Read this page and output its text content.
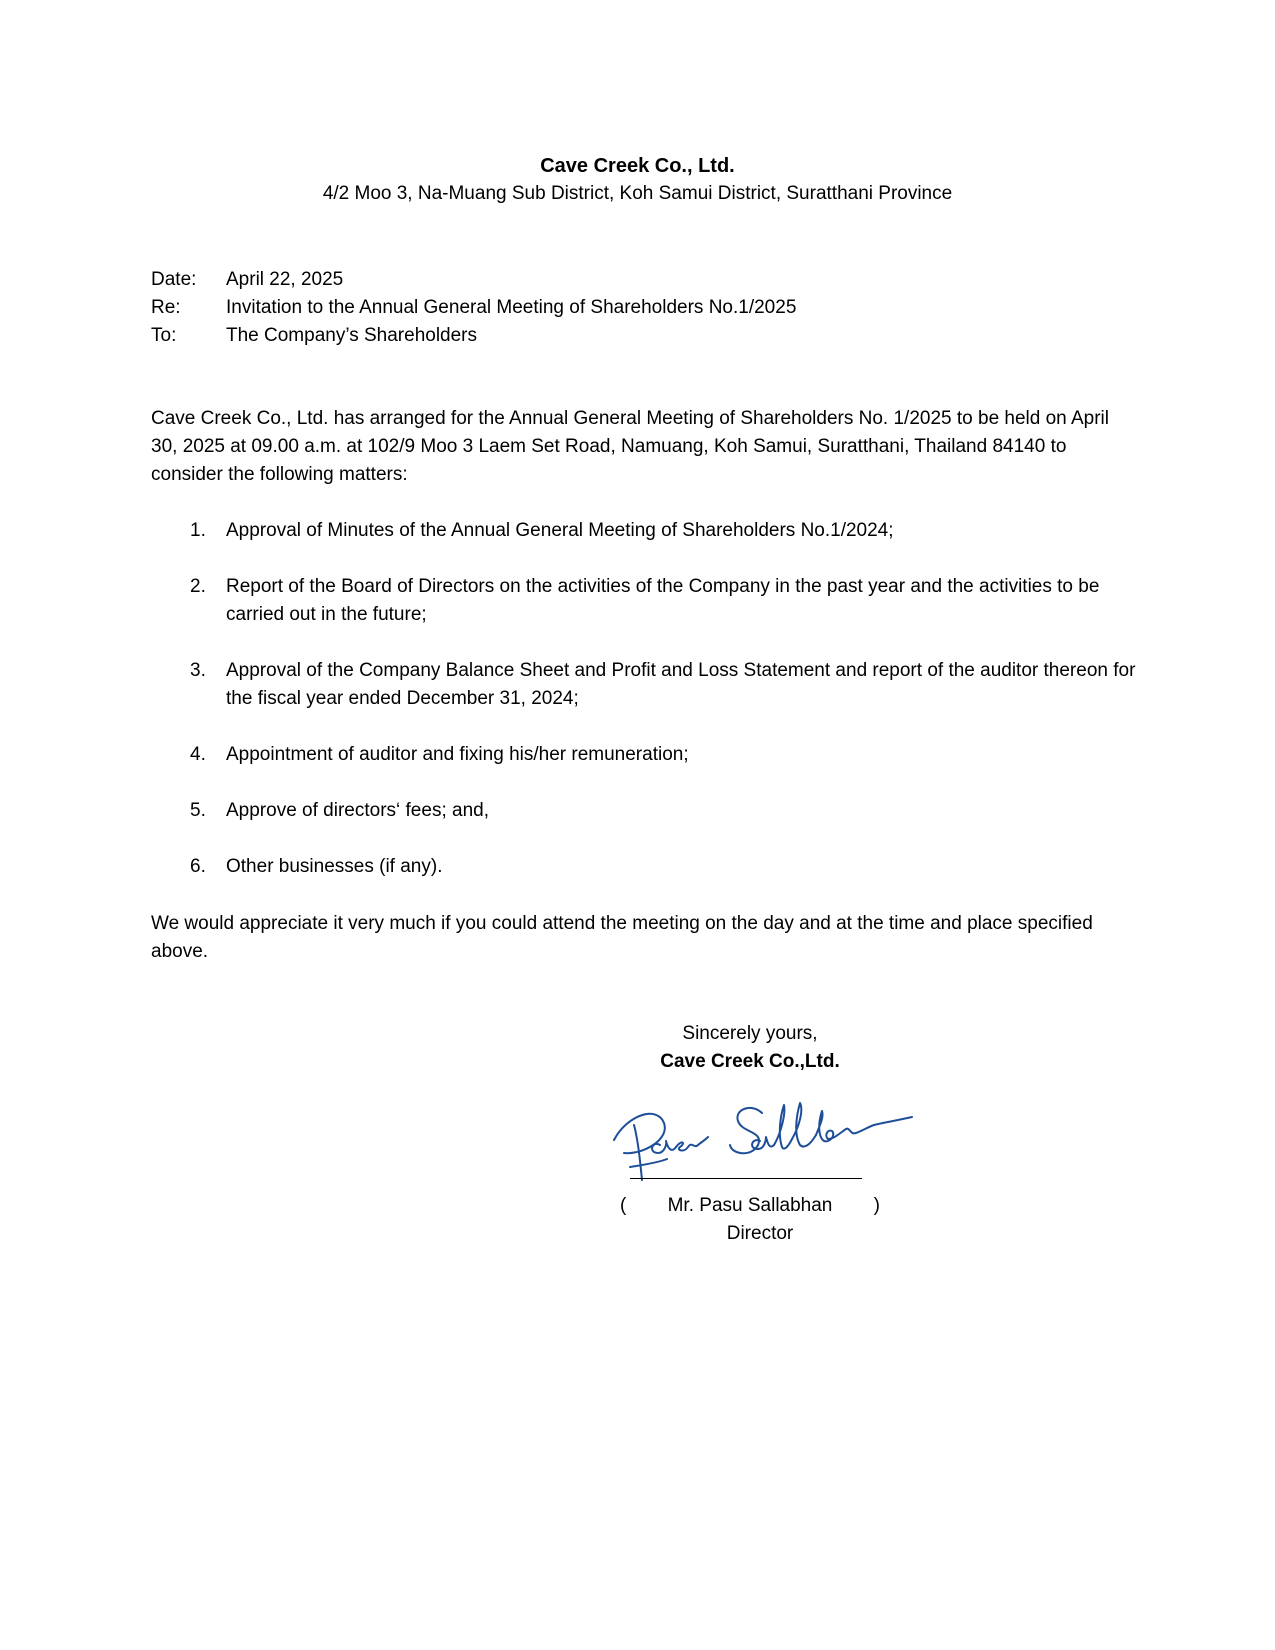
Cave Creek Co., Ltd.
4/2 Moo 3, Na-Muang Sub District, Koh Samui District, Suratthani Province
Date:	April 22, 2025
Re:	Invitation to the Annual General Meeting of Shareholders No.1/2025
To:	The Company’s Shareholders
Cave Creek Co., Ltd. has arranged for the Annual General Meeting of Shareholders No. 1/2025 to be held on April 30, 2025 at 09.00 a.m. at 102/9 Moo 3 Laem Set Road, Namuang, Koh Samui, Suratthani, Thailand 84140 to consider the following matters:
1.	Approval of Minutes of the Annual General Meeting of Shareholders No.1/2024;
2.	Report of the Board of Directors on the activities of the Company in the past year and the activities to be carried out in the future;
3.	Approval of the Company Balance Sheet and Profit and Loss Statement and report of the auditor thereon for the fiscal year ended December 31, 2024;
4.	Appointment of auditor and fixing his/her remuneration;
5.	Approve of directors‘ fees; and,
6.	Other businesses (if any).
We would appreciate it very much if you could attend the meeting on the day and at the time and place specified above.
Sincerely yours,
Cave Creek Co.,Ltd.
( Mr. Pasu Sallabhan )
Director
